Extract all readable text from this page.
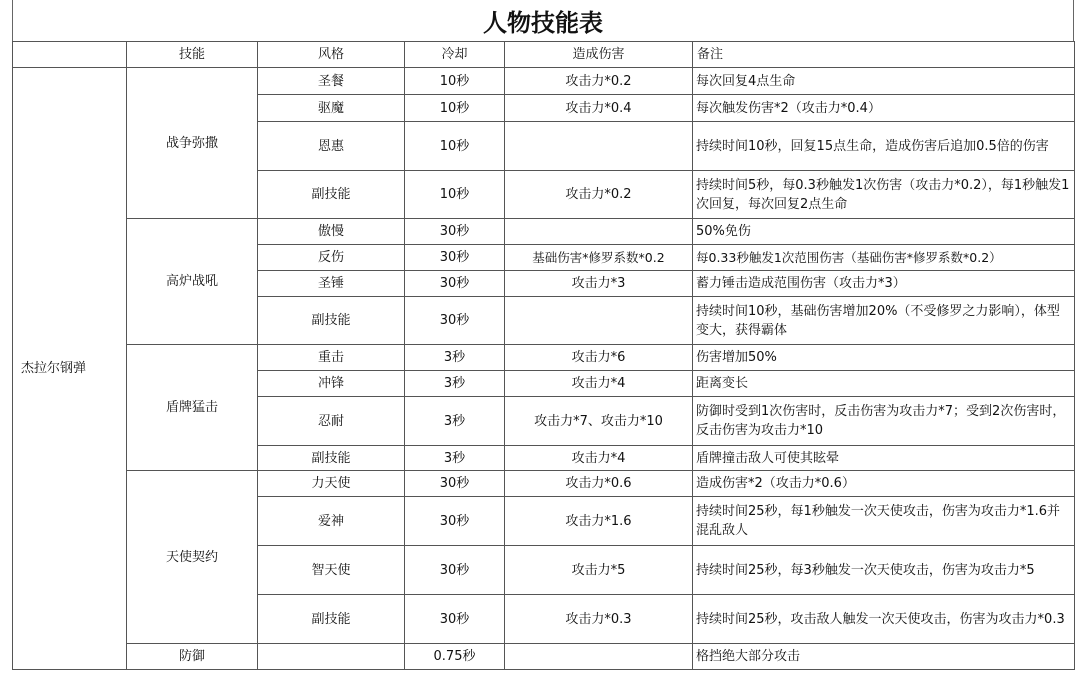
人物技能表
	技能	风格	冷却	造成伤害	备注
杰拉尔钢弹	战争弥撒	圣餐	10秒	攻击力*0.2	每次回复4点生命
		驱魔	10秒	攻击力*0.4	每次触发伤害*2（攻击力*0.4）
		恩惠	10秒		持续时间10秒，回复15点生命，造成伤害后追加0.5倍的伤害
		副技能	10秒	攻击力*0.2	持续时间5秒，每0.3秒触发1次伤害（攻击力*0.2），每1秒触发1次回复，每次回复2点生命
	高炉战吼	傲慢	30秒		50%免伤
		反伤	30秒	基础伤害*修罗系数*0.2	每0.33秒触发1次范围伤害（基础伤害*修罗系数*0.2）
		圣锤	30秒	攻击力*3	蓄力锤击造成范围伤害（攻击力*3）
		副技能	30秒		持续时间10秒，基础伤害增加20%（不受修罗之力影响），体型变大，获得霸体
	盾牌猛击	重击	3秒	攻击力*6	伤害增加50%
		冲锋	3秒	攻击力*4	距离变长
		忍耐	3秒	攻击力*7、攻击力*10	防御时受到1次伤害时，反击伤害为攻击力*7；受到2次伤害时，反击伤害为攻击力*10
		副技能	3秒	攻击力*4	盾牌撞击敌人可使其眩晕
	天使契约	力天使	30秒	攻击力*0.6	造成伤害*2（攻击力*0.6）
		爱神	30秒	攻击力*1.6	持续时间25秒，每1秒触发一次天使攻击，伤害为攻击力*1.6并混乱敌人
		智天使	30秒	攻击力*5	持续时间25秒，每3秒触发一次天使攻击，伤害为攻击力*5
		副技能	30秒	攻击力*0.3	持续时间25秒，攻击敌人触发一次天使攻击，伤害为攻击力*0.3
	防御		0.75秒		格挡绝大部分攻击
